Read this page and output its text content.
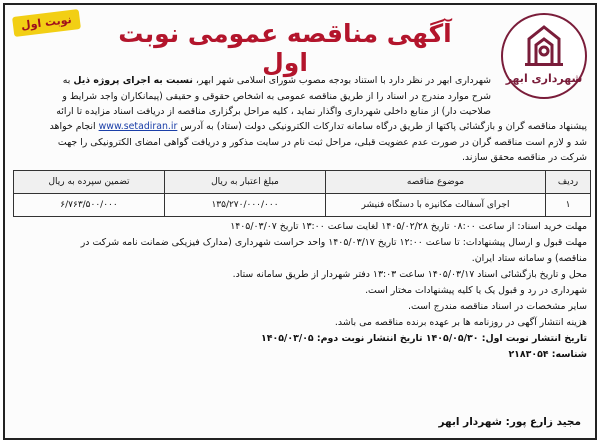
نوبت اول	آگهی مناقصه عمومی نوبت اول
شهرداری ابهر
شهرداری ابهر در نظر دارد با استناد بودجه مصوب شورای اسلامی شهر ابهر، نسبت به اجرای پروژه ذیل به
شرح موارد مندرج در اسناد را از طریق مناقصه عمومی به اشخاص حقوقی و حقیقی (پیمانکاران واجد شرایط و
صلاحیت دار) از منابع داخلی شهرداری واگذار نماید ، کلیه مراحل برگزاری مناقصه از دریافت اسناد مزایده تا ارائه
پیشنهاد مناقصه گران و بازگشائی پاکتها از طریق درگاه سامانه تدارکات الکترونیکی دولت (ستاد) به آدرس www.setadiran.ir انجام خواهد
شد و لازم است مناقصه گران در صورت عدم عضویت قبلی، مراحل ثبت نام در سایت مذکور و دریافت گواهی امضای الکترونیکی را جهت
شرکت در مناقصه محقق سازند.
ردیف	موضوع مناقصه	مبلغ اعتبار به ریال	تضمین سپرده به ریال
۱	اجرای آسفالت مکانیزه با دستگاه فنیشر	۱۳۵/۲۷۰/۰۰۰/۰۰۰	۶/۷۶۳/۵۰۰/۰۰۰
مهلت خرید اسناد: از ساعت ۰۸:۰۰ تاریخ ۱۴۰۵/۰۲/۲۸ لغایت ساعت ۱۳:۰۰ تاریخ ۱۴۰۵/۰۳/۰۷
مهلت قبول و ارسال پیشنهادات: تا ساعت ۱۲:۰۰ تاریخ ۱۴۰۵/۰۳/۱۷ واحد حراست شهرداری (مدارک فیزیکی ضمانت نامه شرکت در
مناقصه) و سامانه ستاد ایران.
محل و تاریخ بازگشائی اسناد ۱۴۰۵/۰۳/۱۷ ساعت ۱۳:۰۳ دفتر شهردار از طریق سامانه ستاد.
شهرداری در رد و قبول یک یا کلیه پیشنهادات مختار است.
سایر مشخصات در اسناد مناقصه مندرج است.
هزینه انتشار آگهی در روزنامه ها بر عهده برنده مناقصه می باشد.
تاریخ انتشار نوبت اول: ۱۴۰۵/۰۵/۳۰ تاریخ انتشار نوبت دوم: ۱۴۰۵/۰۳/۰۵
شناسه: ۲۱۸۳۰۵۴
مجید زارع پور: شهردار ابهر
